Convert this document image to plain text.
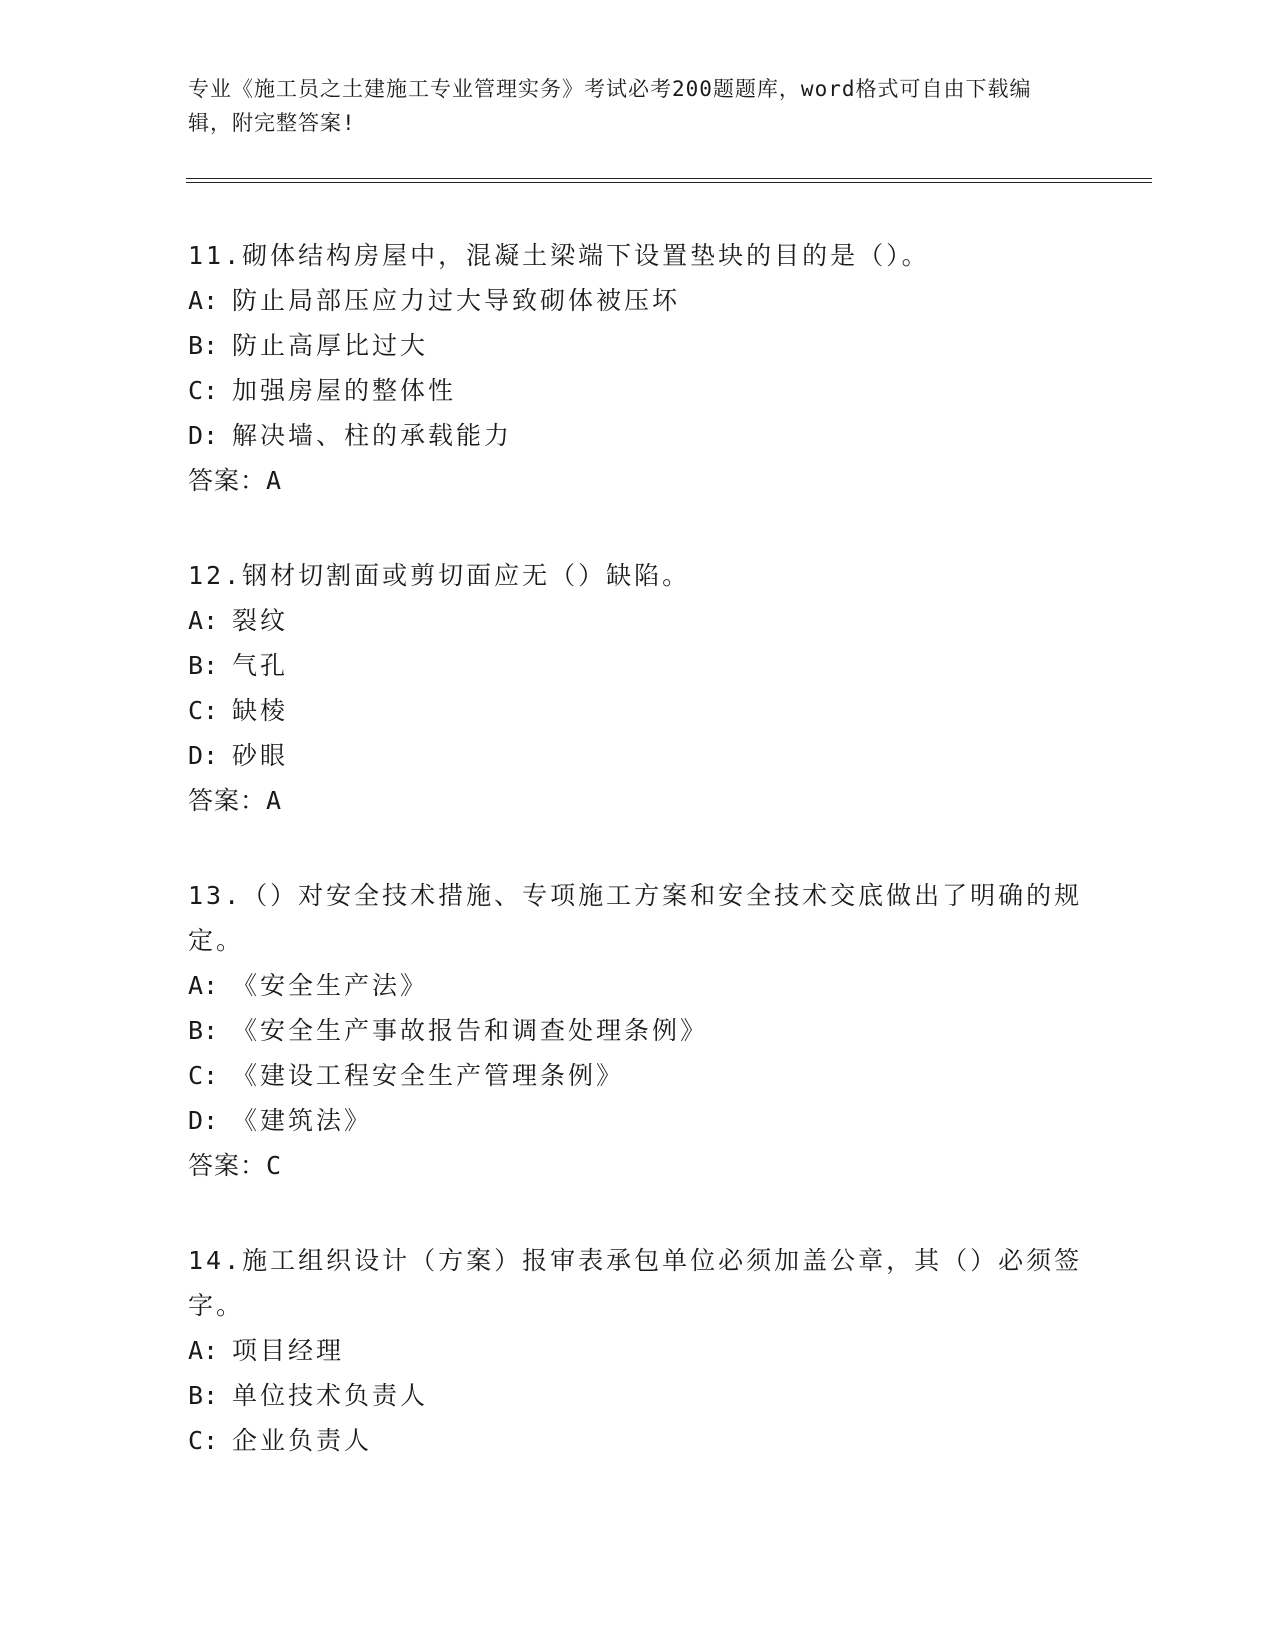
专业《施工员之土建施工专业管理实务》考试必考200题题库，word格式可自由下载编辑，附完整答案!
11.砌体结构房屋中，混凝土梁端下设置垫块的目的是（）。
A: 防止局部压应力过大导致砌体被压坏
B: 防止高厚比过大
C: 加强房屋的整体性
D: 解决墙、柱的承载能力
答案：A
12.钢材切割面或剪切面应无（）缺陷。
A: 裂纹
B: 气孔
C: 缺棱
D: 砂眼
答案：A
13.（）对安全技术措施、专项施工方案和安全技术交底做出了明确的规定。
A: 《安全生产法》
B: 《安全生产事故报告和调查处理条例》
C: 《建设工程安全生产管理条例》
D: 《建筑法》
答案：C
14.施工组织设计（方案）报审表承包单位必须加盖公章，其（）必须签字。
A: 项目经理
B: 单位技术负责人
C: 企业负责人
